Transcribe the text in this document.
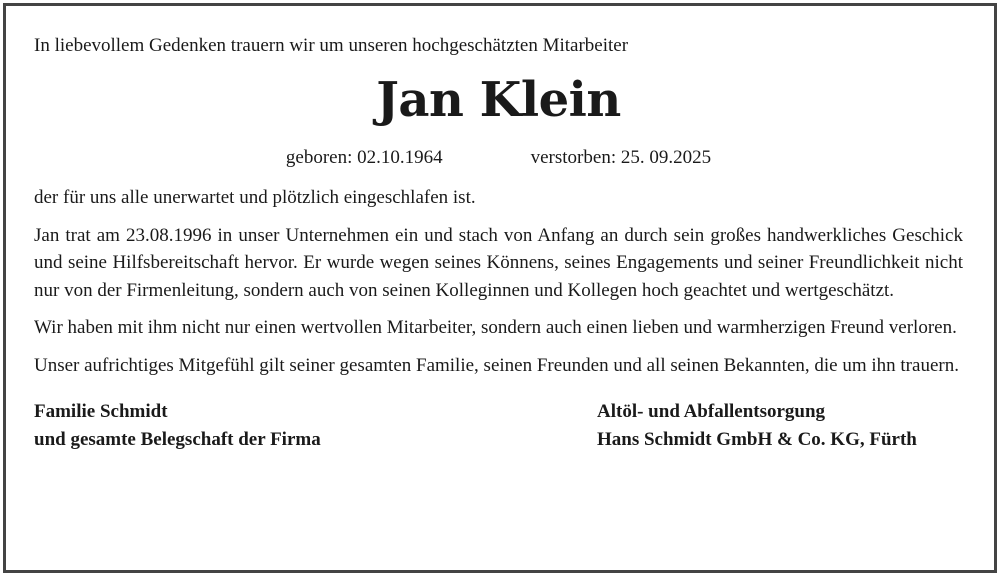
In liebevollem Gedenken trauern wir um unseren hochgeschätzten Mitarbeiter

Jan Klein
geboren: 02.10.1964	verstorben: 25. 09.2025

der für uns alle unerwartet und plötzlich eingeschlafen ist.

Jan trat am 23.08.1996 in unser Unternehmen ein und stach von Anfang an durch sein großes handwerkliches Geschick und seine Hilfsbereitschaft hervor. Er wurde wegen seines Könnens, seines Engagements und seiner Freundlichkeit nicht nur von der Firmenleitung, sondern auch von seinen Kolleginnen und Kollegen hoch geachtet und wertgeschätzt.

Wir haben mit ihm nicht nur einen wertvollen Mitarbeiter, sondern auch einen lieben und warmherzigen Freund verloren.

Unser aufrichtiges Mitgefühl gilt seiner gesamten Familie, seinen Freunden und all seinen Bekannten, die um ihn trauern.

Familie Schmidt
und gesamte Belegschaft der Firma
Altöl- und Abfallentsorgung
Hans Schmidt GmbH & Co. KG, Fürth
